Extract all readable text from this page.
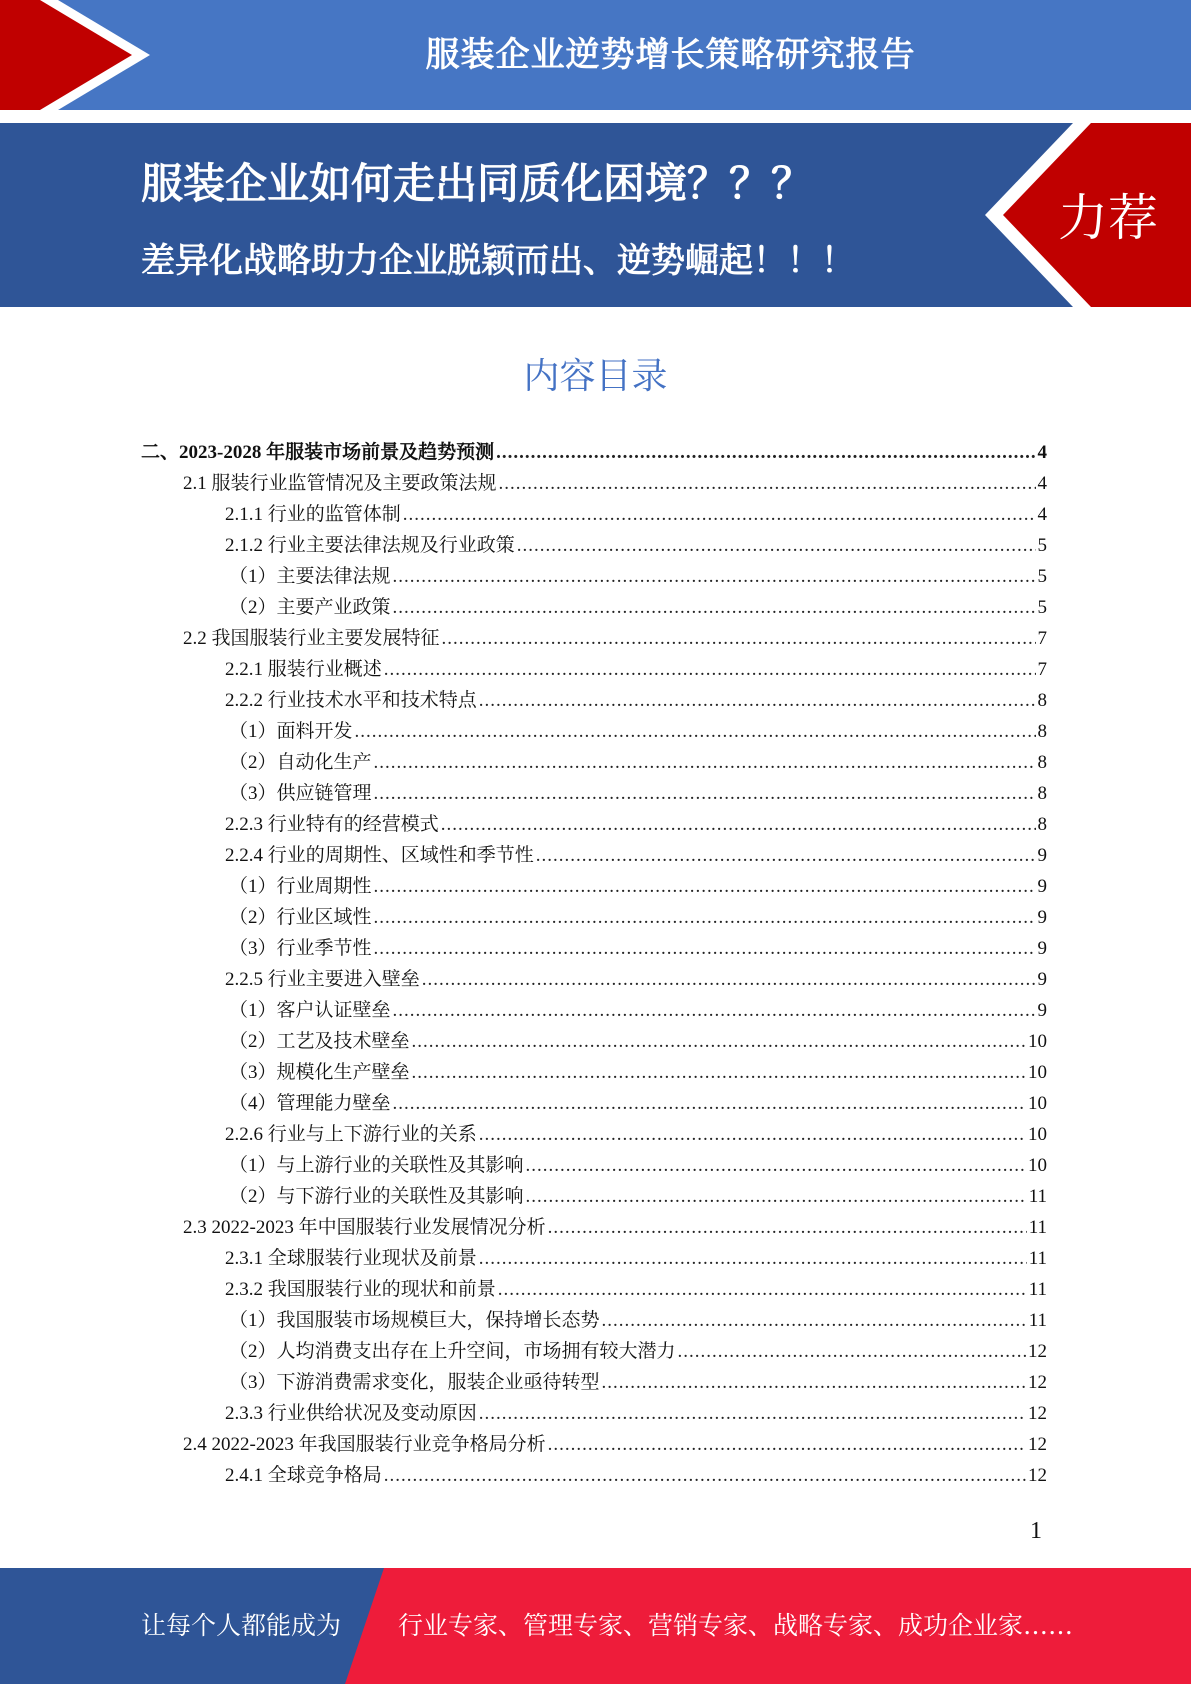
服装企业逆势增长策略研究报告
服装企业如何走出同质化困境？？？
差异化战略助力企业脱颖而出、逆势崛起！！！
力荐
内容目录
二、2023-2028 年服装市场前景及趋势预测 .....	4
2.1 服装行业监管情况及主要政策法规 .....	4
2.1.1 行业的监管体制 .....	4
2.1.2 行业主要法律法规及行业政策 .....	5
（1）主要法律法规 .....	5
（2）主要产业政策 .....	5
2.2 我国服装行业主要发展特征 .....	7
2.2.1 服装行业概述 .....	7
2.2.2 行业技术水平和技术特点 .....	8
（1）面料开发 .....	8
（2）自动化生产 .....	8
（3）供应链管理 .....	8
2.2.3 行业特有的经营模式 .....	8
2.2.4 行业的周期性、区域性和季节性 .....	9
（1）行业周期性 .....	9
（2）行业区域性 .....	9
（3）行业季节性 .....	9
2.2.5 行业主要进入壁垒 .....	9
（1）客户认证壁垒 .....	9
（2）工艺及技术壁垒 .....	10
（3）规模化生产壁垒 .....	10
（4）管理能力壁垒 .....	10
2.2.6 行业与上下游行业的关系 .....	10
（1）与上游行业的关联性及其影响 .....	10
（2）与下游行业的关联性及其影响 .....	11
2.3 2022-2023 年中国服装行业发展情况分析 .....	11
2.3.1 全球服装行业现状及前景 .....	11
2.3.2 我国服装行业的现状和前景 .....	11
（1）我国服装市场规模巨大，保持增长态势 .....	11
（2）人均消费支出存在上升空间，市场拥有较大潜力 .....	12
（3）下游消费需求变化，服装企业亟待转型 .....	12
2.3.3 行业供给状况及变动原因 .....	12
2.4 2022-2023 年我国服装行业竞争格局分析 .....	12
2.4.1 全球竞争格局 .....	12
1
让每个人都能成为 行业专家、管理专家、营销专家、战略专家、成功企业家……
